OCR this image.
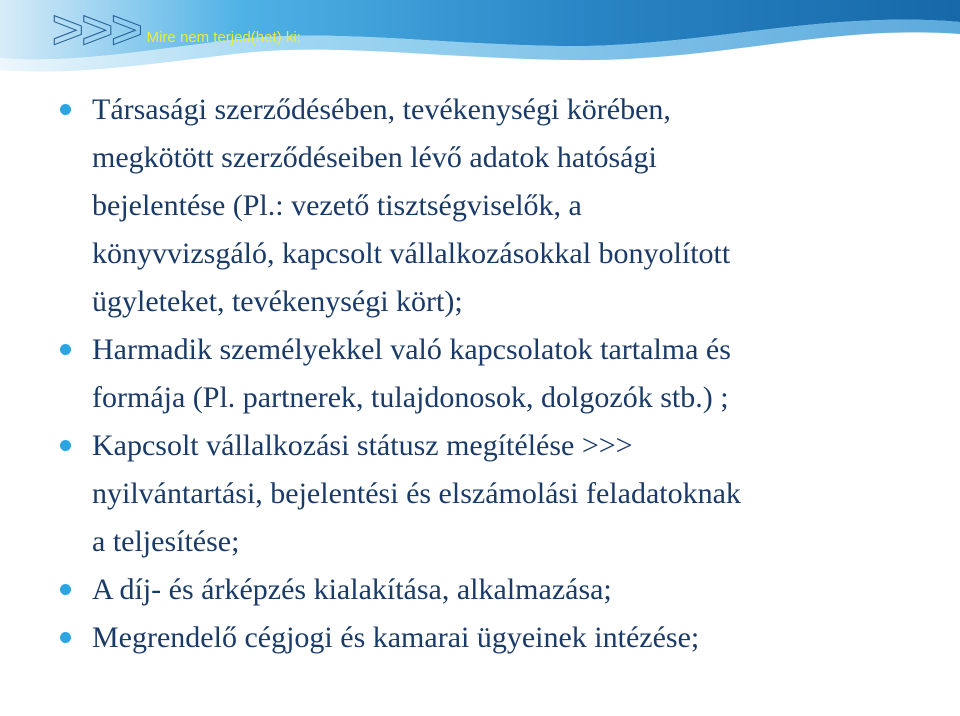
>>> Mire nem terjed(het) ki:
Társasági szerződésében, tevékenységi körében,
megkötött szerződéseiben lévő adatok hatósági
bejelentése (Pl.: vezető tisztségviselők, a
könyvvizsgáló, kapcsolt vállalkozásokkal bonyolított
ügyleteket, tevékenységi kört);
Harmadik személyekkel való kapcsolatok tartalma és
formája (Pl. partnerek, tulajdonosok, dolgozók stb.) ;
Kapcsolt vállalkozási státusz megítélése >>>
nyilvántartási, bejelentési és elszámolási feladatoknak
a teljesítése;
A díj- és árképzés kialakítása, alkalmazása;
Megrendelő cégjogi és kamarai ügyeinek intézése;
